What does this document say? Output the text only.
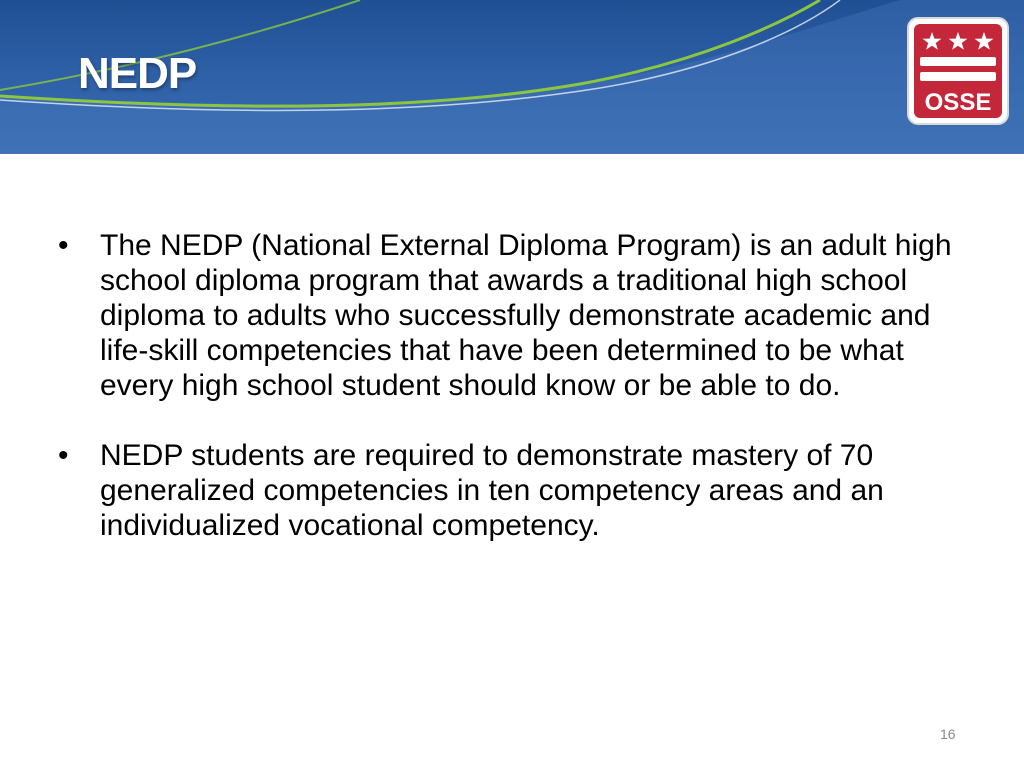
NEDP
OSSE
•	The NEDP (National External Diploma Program) is an adult high school diploma program that awards a traditional high school diploma to adults who successfully demonstrate academic and life-skill competencies that have been determined to be what every high school student should know or be able to do.
•	NEDP students are required to demonstrate mastery of 70 generalized competencies in ten competency areas and an individualized vocational competency.
16
